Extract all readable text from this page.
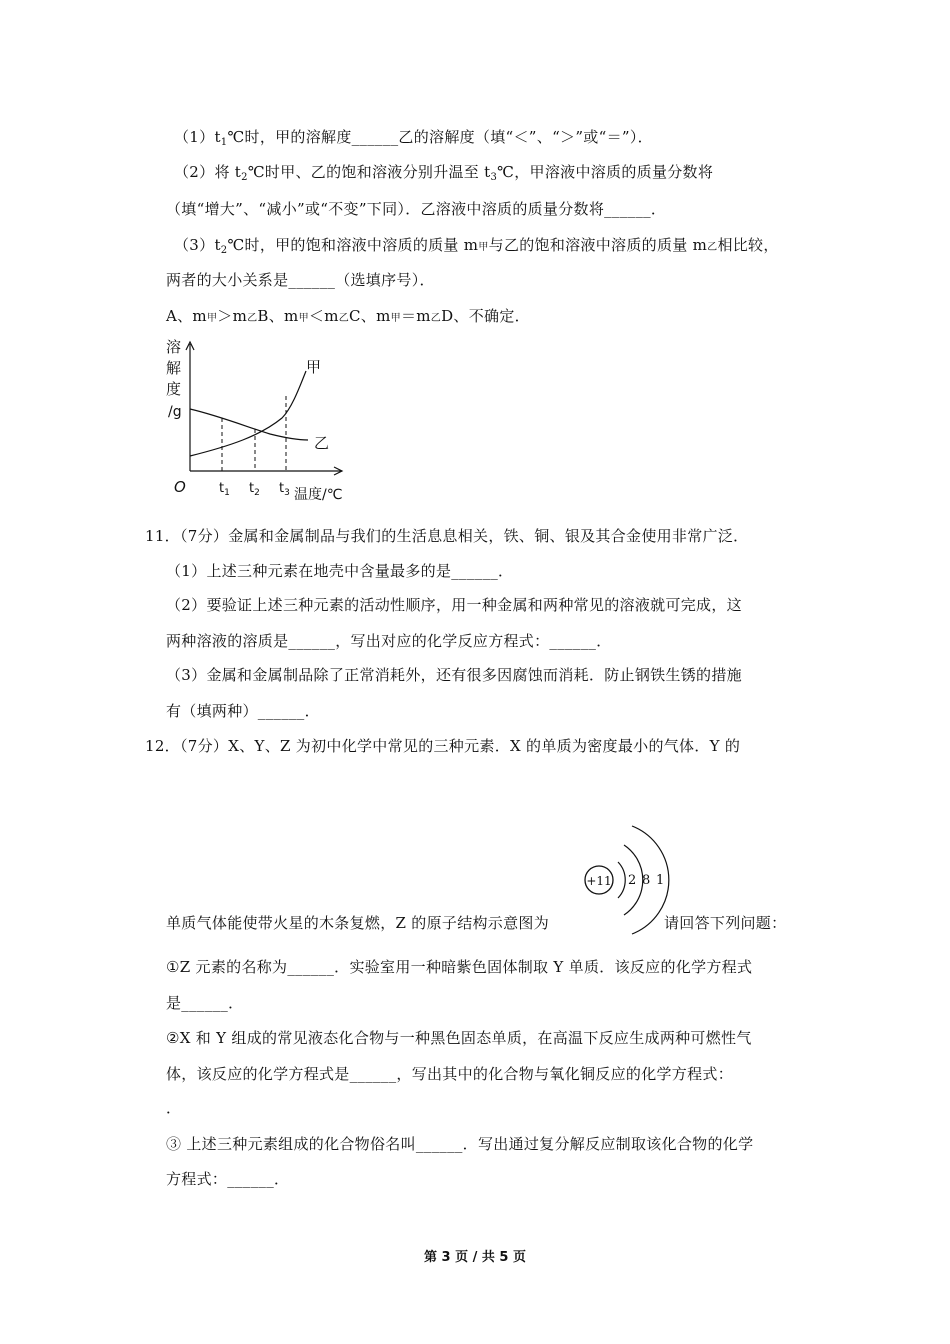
$(1)t_1℃$时，甲的溶解度______乙的溶解度（填“＜”、“＞”或“＝”）．
（2）将 $t_2℃$时甲、乙的饱和溶液分别升温至 $t_3℃$，甲溶液中溶质的质量分数将
（填“增大”、“减小”或“不变”下同）．乙溶液中溶质的质量分数将______．
$(3)t_2℃$时，甲的饱和溶液中溶质的质量 m甲与乙的饱和溶液中溶质的质量 m乙相比较，
两者的大小关系是______（选填序号）．
A、m甲＞m乙B、m甲＜m乙C、m甲＝m乙D、不确定．
溶
解
度
/g
O	$t_1$ $t_2$ $t_3$ 温度/℃
甲
乙
11．（7分）金属和金属制品与我们的生活息息相关，铁、铜、银及其合金使用非常广泛．
（1）上述三种元素在地壳中含量最多的是______．
（2）要验证上述三种元素的活动性顺序，用一种金属和两种常见的溶液就可完成，这
两种溶液的溶质是______，写出对应的化学反应方程式：______．
（3）金属和金属制品除了正常消耗外，还有很多因腐蚀而消耗．防止钢铁生锈的措施
有（填两种）______．
12．（7分）X、Y、Z 为初中化学中常见的三种元素．X 的单质为密度最小的气体．Y 的
+11 2 8 1
单质气体能使带火星的木条复燃，Z 的原子结构示意图为	请回答下列问题：
①Z 元素的名称为______．实验室用一种暗紫色固体制取 Y 单质．该反应的化学方程式
是______．
②X 和 Y 组成的常见液态化合物与一种黑色固态单质，在高温下反应生成两种可燃性气
体，该反应的化学方程式是______，写出其中的化合物与氧化铜反应的化学方程式：
．
③ 上述三种元素组成的化合物俗名叫______．写出通过复分解反应制取该化合物的化学
方程式：______．
第 3 页 / 共 5 页
